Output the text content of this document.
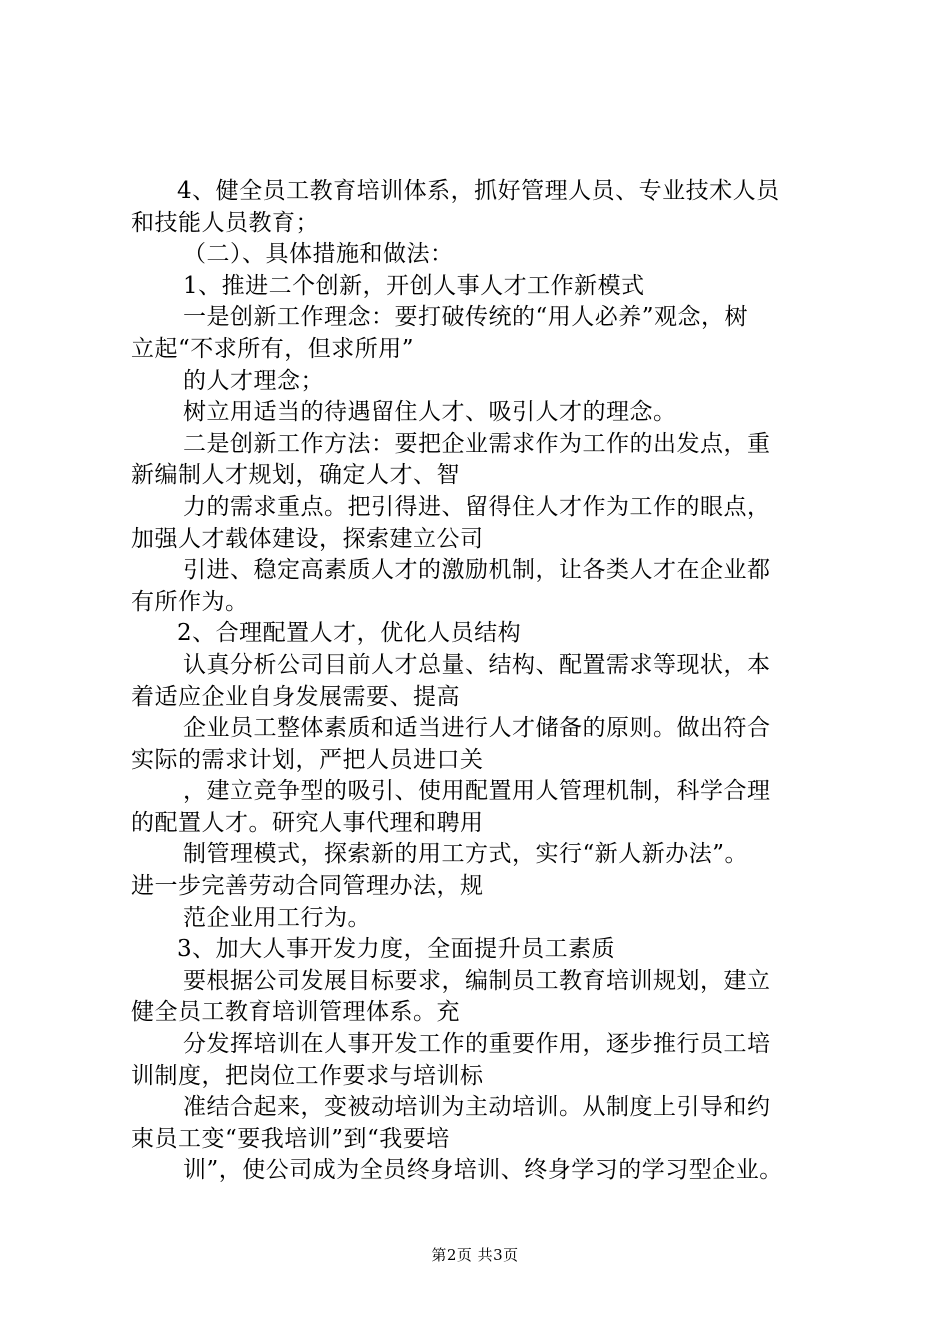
4、健全员工教育培训体系，抓好管理人员、专业技术人员
和技能人员教育；
（二）、具体措施和做法：
1、推进二个创新，开创人事人才工作新模式
一是创新工作理念：要打破传统的“用人必养”观念，树
立起“不求所有，但求所用”
的人才理念；
树立用适当的待遇留住人才、吸引人才的理念。
二是创新工作方法：要把企业需求作为工作的出发点，重
新编制人才规划，确定人才、智
力的需求重点。把引得进、留得住人才作为工作的眼点，
加强人才载体建设，探索建立公司
引进、稳定高素质人才的激励机制，让各类人才在企业都
有所作为。
2、合理配置人才，优化人员结构
认真分析公司目前人才总量、结构、配置需求等现状，本
着适应企业自身发展需要、提高
企业员工整体素质和适当进行人才储备的原则。做出符合
实际的需求计划，严把人员进口关
，建立竞争型的吸引、使用配置用人管理机制，科学合理
的配置人才。研究人事代理和聘用
制管理模式，探索新的用工方式，实行“新人新办法”。
进一步完善劳动合同管理办法，规
范企业用工行为。
3、加大人事开发力度，全面提升员工素质
要根据公司发展目标要求，编制员工教育培训规划，建立
健全员工教育培训管理体系。充
分发挥培训在人事开发工作的重要作用，逐步推行员工培
训制度，把岗位工作要求与培训标
准结合起来，变被动培训为主动培训。从制度上引导和约
束员工变“要我培训”到“我要培
训”，使公司成为全员终身培训、终身学习的学习型企业。
第2页 共3页
